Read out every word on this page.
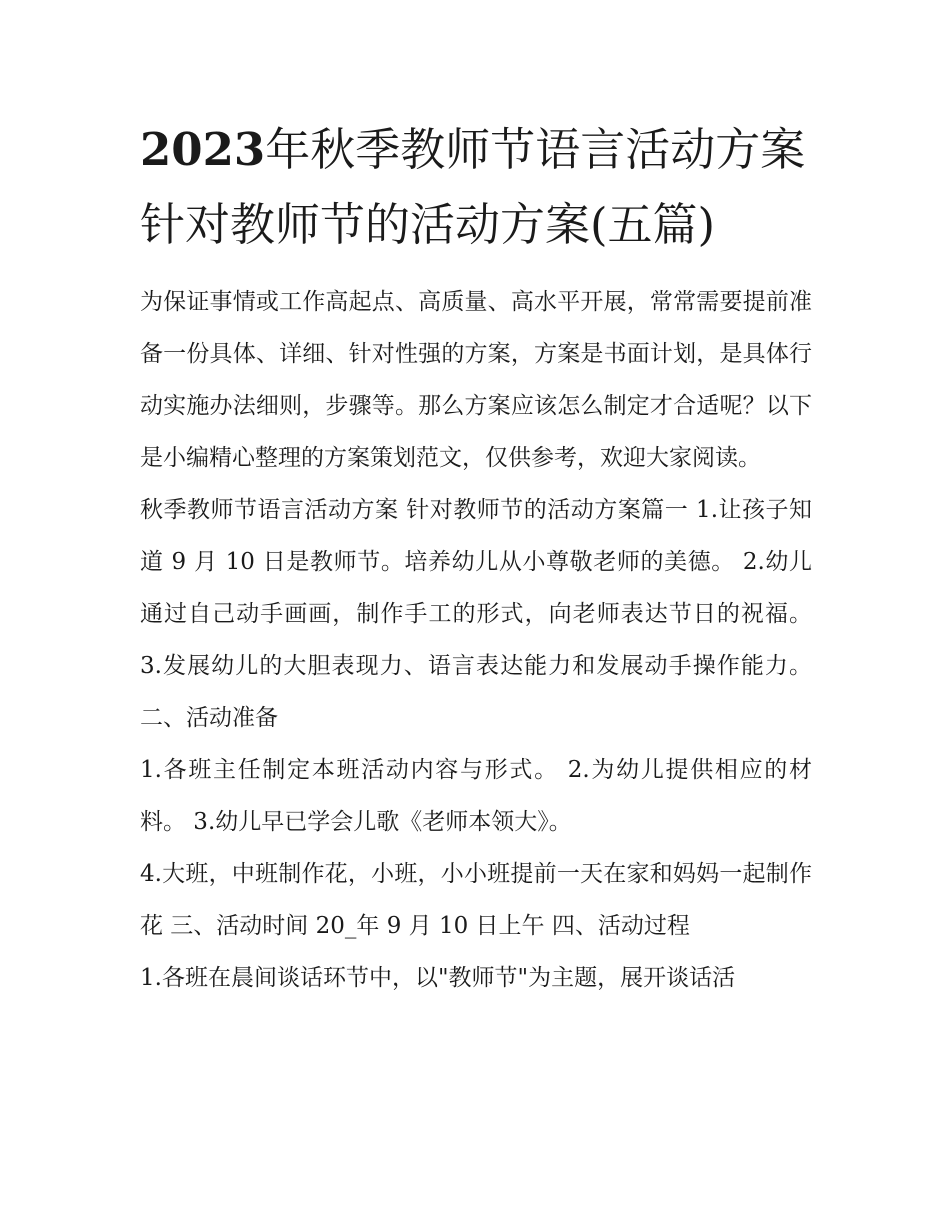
2023年秋季教师节语言活动方案 针对教师节的活动方案(五篇)

为保证事情或工作高起点、高质量、高水平开展，常常需要提前准备一份具体、详细、针对性强的方案，方案是书面计划，是具体行动实施办法细则，步骤等。那么方案应该怎么制定才合适呢？以下是小编精心整理的方案策划范文，仅供参考，欢迎大家阅读。

秋季教师节语言活动方案 针对教师节的活动方案篇一 1.让孩子知道 9 月 10 日是教师节。培养幼儿从小尊敬老师的美德。 2.幼儿通过自己动手画画，制作手工的形式，向老师表达节日的祝福。 3.发展幼儿的大胆表现力、语言表达能力和发展动手操作能力。 二、活动准备

1.各班主任制定本班活动内容与形式。 2.为幼儿提供相应的材料。 3.幼儿早已学会儿歌《老师本领大》。

4.大班，中班制作花，小班，小小班提前一天在家和妈妈一起制作花 三、活动时间 20_年 9 月 10 日上午 四、活动过程

1.各班在晨间谈话环节中，以"教师节"为主题，展开谈话活
